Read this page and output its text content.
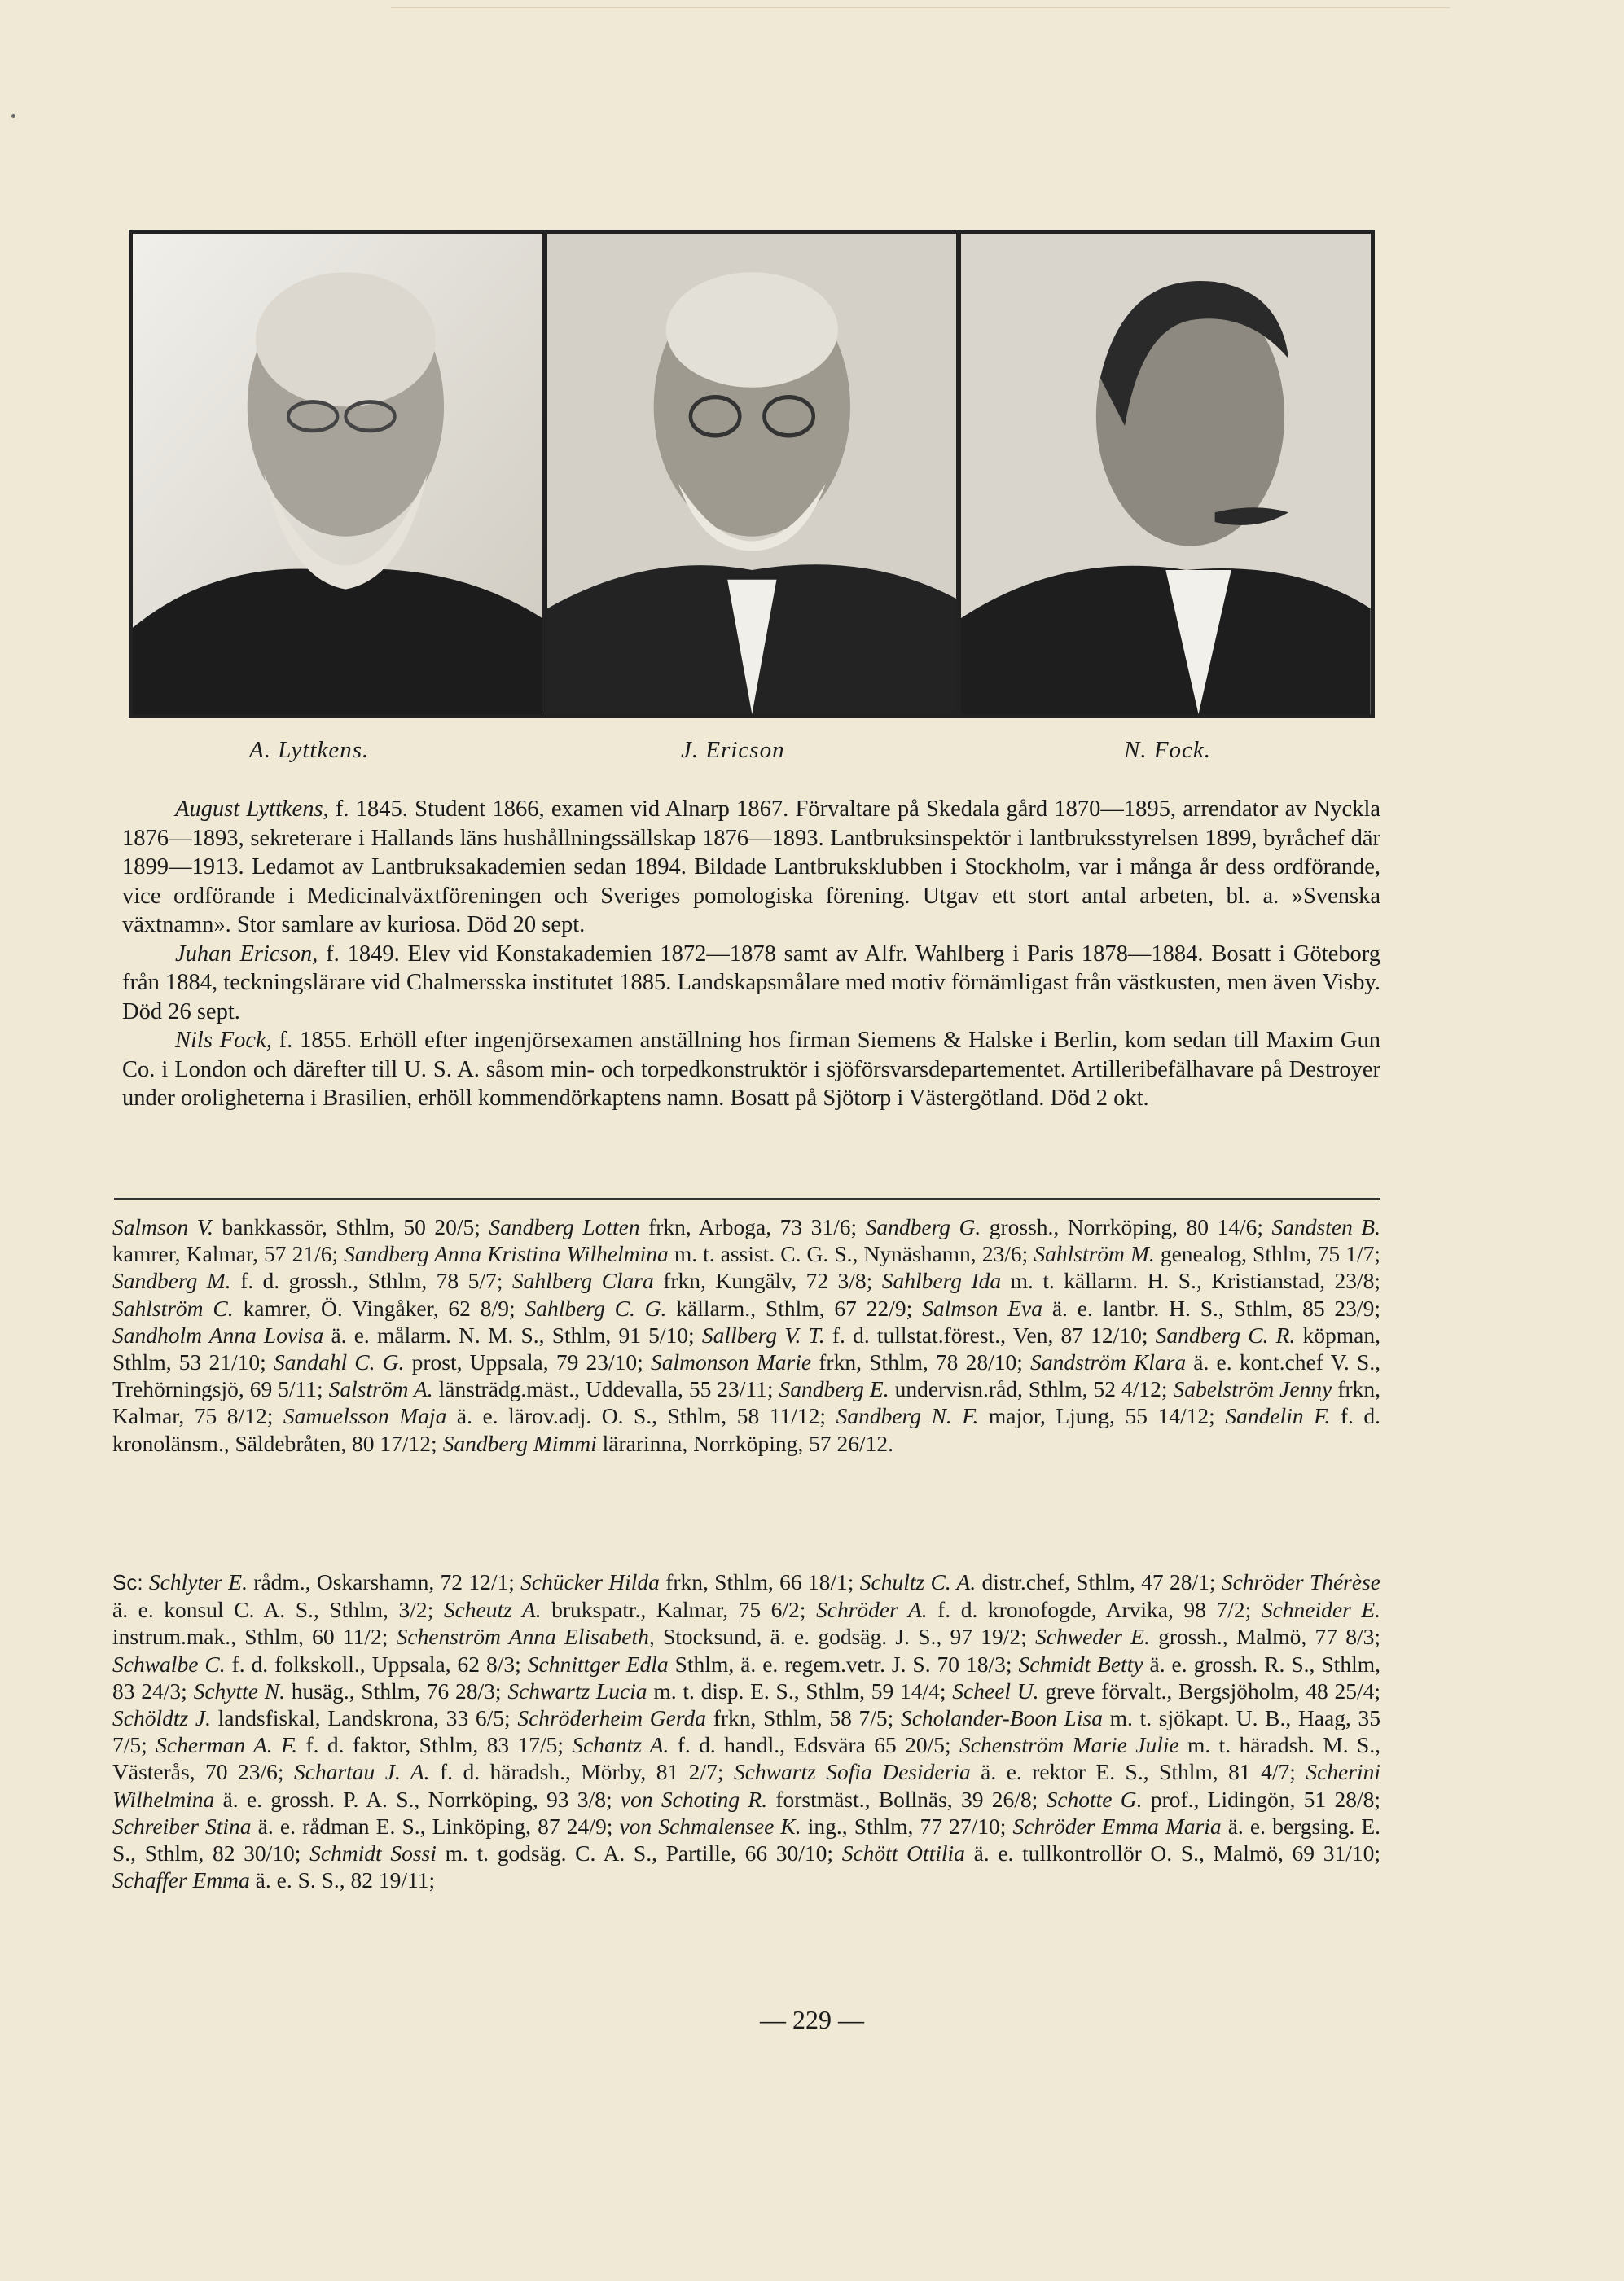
A. Lyttkens.	J. Ericson	N. Fock.

August Lyttkens, f. 1845. Student 1866, examen vid Alnarp 1867. Förvaltare på Skedala gård 1870—1895, arrendator av Nyckla 1876—1893, sekreterare i Hallands läns hushållningssällskap 1876—1893. Lantbruksinspektör i lantbruksstyrelsen 1899, byråchef där 1899—1913. Ledamot av Lantbruksakademien sedan 1894. Bildade Lantbruksklubben i Stockholm, var i många år dess ordförande, vice ordförande i Medicinalväxtföreningen och Sveriges pomologiska förening. Utgav ett stort antal arbeten, bl. a. »Svenska växtnamn». Stor samlare av kuriosa. Död 20 sept.

Juhan Ericson, f. 1849. Elev vid Konstakademien 1872—1878 samt av Alfr. Wahlberg i Paris 1878—1884. Bosatt i Göteborg från 1884, teckningslärare vid Chalmersska institutet 1885. Landskapsmålare med motiv förnämligast från västkusten, men även Visby. Död 26 sept.

Nils Fock, f. 1855. Erhöll efter ingenjörsexamen anställning hos firman Siemens & Halske i Berlin, kom sedan till Maxim Gun Co. i London och därefter till U. S. A. såsom min- och torpedkonstruktör i sjöförsvarsdepartementet. Artilleribefälhavare på Destroyer under oroligheterna i Brasilien, erhöll kommendörkaptens namn. Bosatt på Sjötorp i Västergötland. Död 2 okt.

Salmson V. bankkassör, Sthlm, 50 20/5; Sandberg Lotten frkn, Arboga, 73 31/6; Sandberg G. grossh., Norrköping, 80 14/6; Sandsten B. kamrer, Kalmar, 57 21/6; Sandberg Anna Kristina Wilhelmina m. t. assist. C. G. S., Nynäshamn, 23/6; Sahlström M. genealog, Sthlm, 75 1/7; Sandberg M. f. d. grossh., Sthlm, 78 5/7; Sahlberg Clara frkn, Kungälv, 72 3/8; Sahlberg Ida m. t. källarm. H. S., Kristianstad, 23/8; Sahlström C. kamrer, Ö. Vingåker, 62 8/9; Sahlberg C. G. källarm., Sthlm, 67 22/9; Salmson Eva ä. e. lantbr. H. S., Sthlm, 85 23/9; Sandholm Anna Lovisa ä. e. målarm. N. M. S., Sthlm, 91 5/10; Sallberg V. T. f. d. tullstat.förest., Ven, 87 12/10; Sandberg C. R. köpman, Sthlm, 53 21/10; Sandahl C. G. prost, Uppsala, 79 23/10; Salmonson Marie frkn, Sthlm, 78 28/10; Sandström Klara ä. e. kont.chef V. S., Trehörningsjö, 69 5/11; Salström A. länsträdg.mäst., Uddevalla, 55 23/11; Sandberg E. undervisn.råd, Sthlm, 52 4/12; Sabelström Jenny frkn, Kalmar, 75 8/12; Samuelsson Maja ä. e. lärov.adj. O. S., Sthlm, 58 11/12; Sandberg N. F. major, Ljung, 55 14/12; Sandelin F. f. d. kronolänsm., Säldebråten, 80 17/12; Sandberg Mimmi lärarinna, Norrköping, 57 26/12.

Sc: Schlyter E. rådm., Oskarshamn, 72 12/1; Schücker Hilda frkn, Sthlm, 66 18/1; Schultz C. A. distr.chef, Sthlm, 47 28/1; Schröder Thérèse ä. e. konsul C. A. S., Sthlm, 3/2; Scheutz A. brukspatr., Kalmar, 75 6/2; Schröder A. f. d. kronofogde, Arvika, 98 7/2; Schneider E. instrum.mak., Sthlm, 60 11/2; Schenström Anna Elisabeth, Stocksund, ä. e. godsäg. J. S., 97 19/2; Schweder E. grossh., Malmö, 77 8/3; Schwalbe C. f. d. folkskoll., Uppsala, 62 8/3; Schnittger Edla Sthlm, ä. e. regem.vetr. J. S. 70 18/3; Schmidt Betty ä. e. grossh. R. S., Sthlm, 83 24/3; Schytte N. husäg., Sthlm, 76 28/3; Schwartz Lucia m. t. disp. E. S., Sthlm, 59 14/4; Scheel U. greve förvalt., Bergsjöholm, 48 25/4; Schöldtz J. landsfiskal, Landskrona, 33 6/5; Schröderheim Gerda frkn, Sthlm, 58 7/5; Scholander-Boon Lisa m. t. sjökapt. U. B., Haag, 35 7/5; Scherman A. F. f. d. faktor, Sthlm, 83 17/5; Schantz A. f. d. handl., Edsvära 65 20/5; Schenström Marie Julie m. t. häradsh. M. S., Västerås, 70 23/6; Schartau J. A. f. d. häradsh., Mörby, 81 2/7; Schwartz Sofia Desideria ä. e. rektor E. S., Sthlm, 81 4/7; Scherini Wilhelmina ä. e. grossh. P. A. S., Norrköping, 93 3/8; von Schoting R. forstmäst., Bollnäs, 39 26/8; Schotte G. prof., Lidingön, 51 28/8; Schreiber Stina ä. e. rådman E. S., Linköping, 87 24/9; von Schmalensee K. ing., Sthlm, 77 27/10; Schröder Emma Maria ä. e. bergsing. E. S., Sthlm, 82 30/10; Schmidt Sossi m. t. godsäg. C. A. S., Partille, 66 30/10; Schött Ottilia ä. e. tullkontrollör O. S., Malmö, 69 31/10; Schaffer Emma ä. e. S. S., 82 19/11;

— 229 —
